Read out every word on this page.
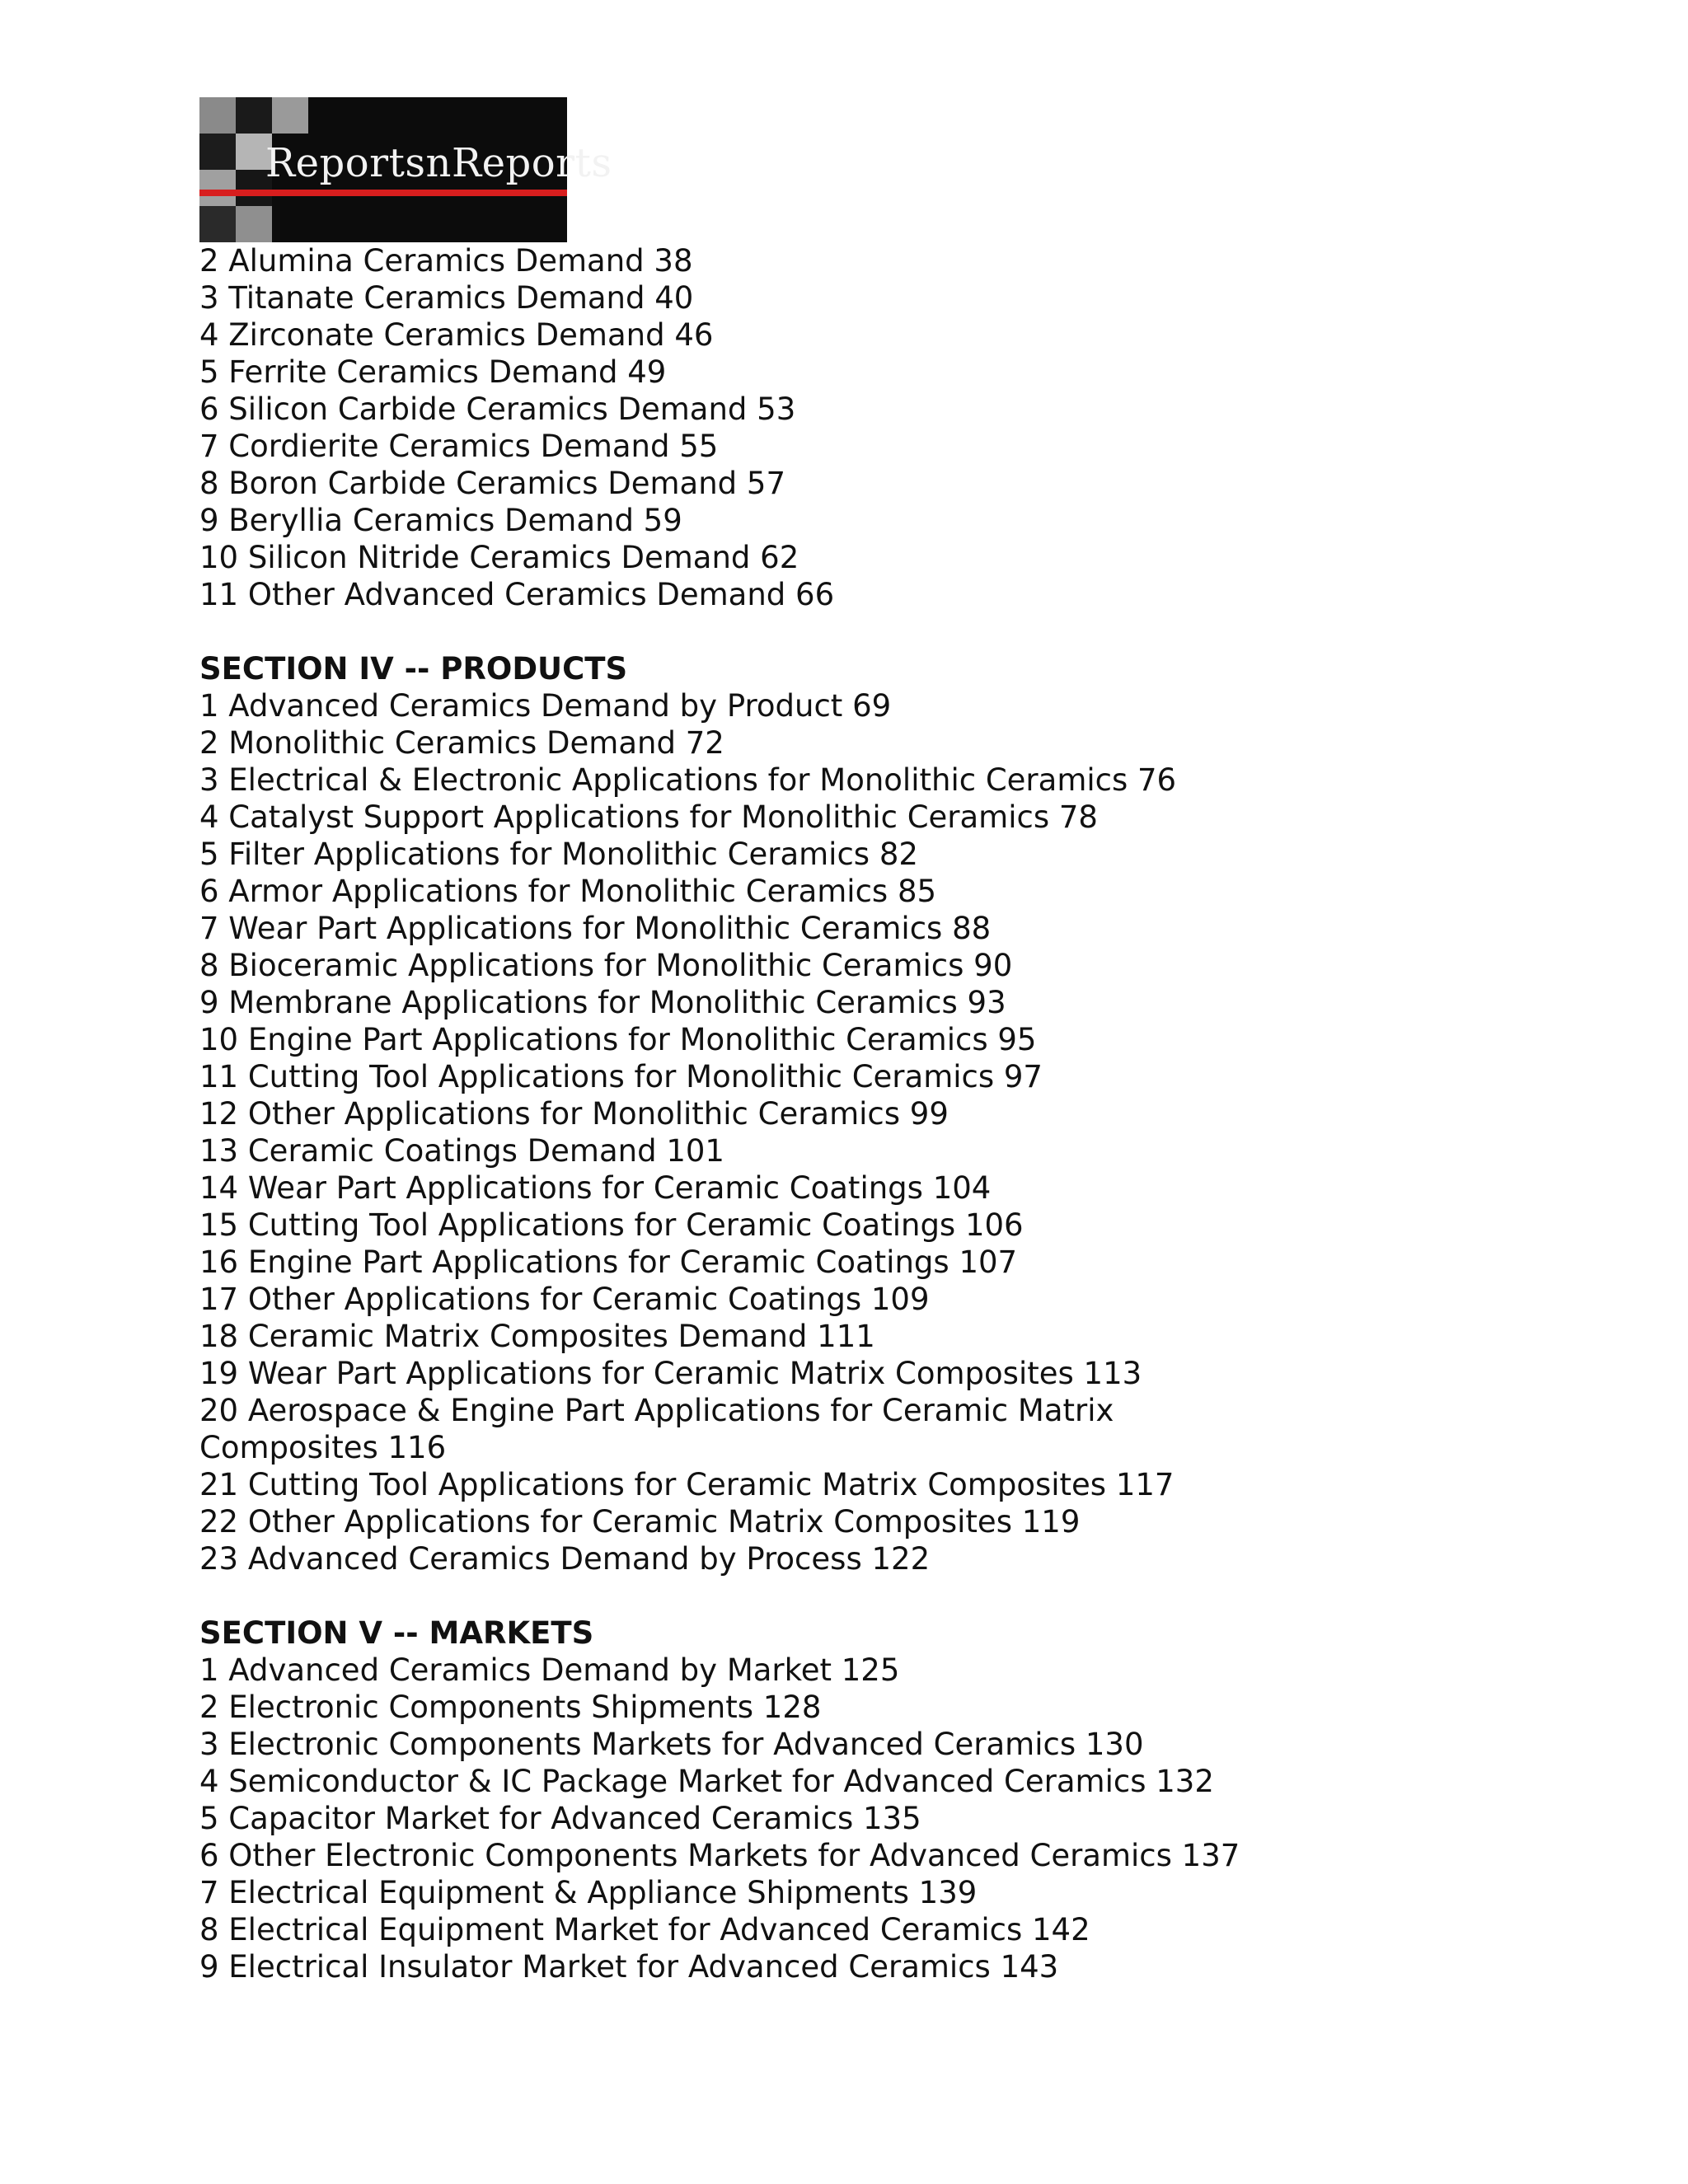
ReportsnReports

2 Alumina Ceramics Demand 38

3 Titanate Ceramics Demand 40

4 Zirconate Ceramics Demand 46

5 Ferrite Ceramics Demand 49

6 Silicon Carbide Ceramics Demand 53

7 Cordierite Ceramics Demand 55

8 Boron Carbide Ceramics Demand 57

9 Beryllia Ceramics Demand 59

10 Silicon Nitride Ceramics Demand 62

11 Other Advanced Ceramics Demand 66

SECTION IV -- PRODUCTS

1 Advanced Ceramics Demand by Product 69

2 Monolithic Ceramics Demand 72

3 Electrical & Electronic Applications for Monolithic Ceramics 76

4 Catalyst Support Applications for Monolithic Ceramics 78

5 Filter Applications for Monolithic Ceramics 82

6 Armor Applications for Monolithic Ceramics 85

7 Wear Part Applications for Monolithic Ceramics 88

8 Bioceramic Applications for Monolithic Ceramics 90

9 Membrane Applications for Monolithic Ceramics 93

10 Engine Part Applications for Monolithic Ceramics 95

11 Cutting Tool Applications for Monolithic Ceramics 97

12 Other Applications for Monolithic Ceramics 99

13 Ceramic Coatings Demand 101

14 Wear Part Applications for Ceramic Coatings 104

15 Cutting Tool Applications for Ceramic Coatings 106

16 Engine Part Applications for Ceramic Coatings 107

17 Other Applications for Ceramic Coatings 109

18 Ceramic Matrix Composites Demand 111

19 Wear Part Applications for Ceramic Matrix Composites 113

20 Aerospace & Engine Part Applications for Ceramic Matrix

Composites 116

21 Cutting Tool Applications for Ceramic Matrix Composites 117

22 Other Applications for Ceramic Matrix Composites 119

23 Advanced Ceramics Demand by Process 122

SECTION V -- MARKETS

1 Advanced Ceramics Demand by Market 125

2 Electronic Components Shipments 128

3 Electronic Components Markets for Advanced Ceramics 130

4 Semiconductor & IC Package Market for Advanced Ceramics 132

5 Capacitor Market for Advanced Ceramics 135

6 Other Electronic Components Markets for Advanced Ceramics 137

7 Electrical Equipment & Appliance Shipments 139

8 Electrical Equipment Market for Advanced Ceramics 142

9 Electrical Insulator Market for Advanced Ceramics 143
